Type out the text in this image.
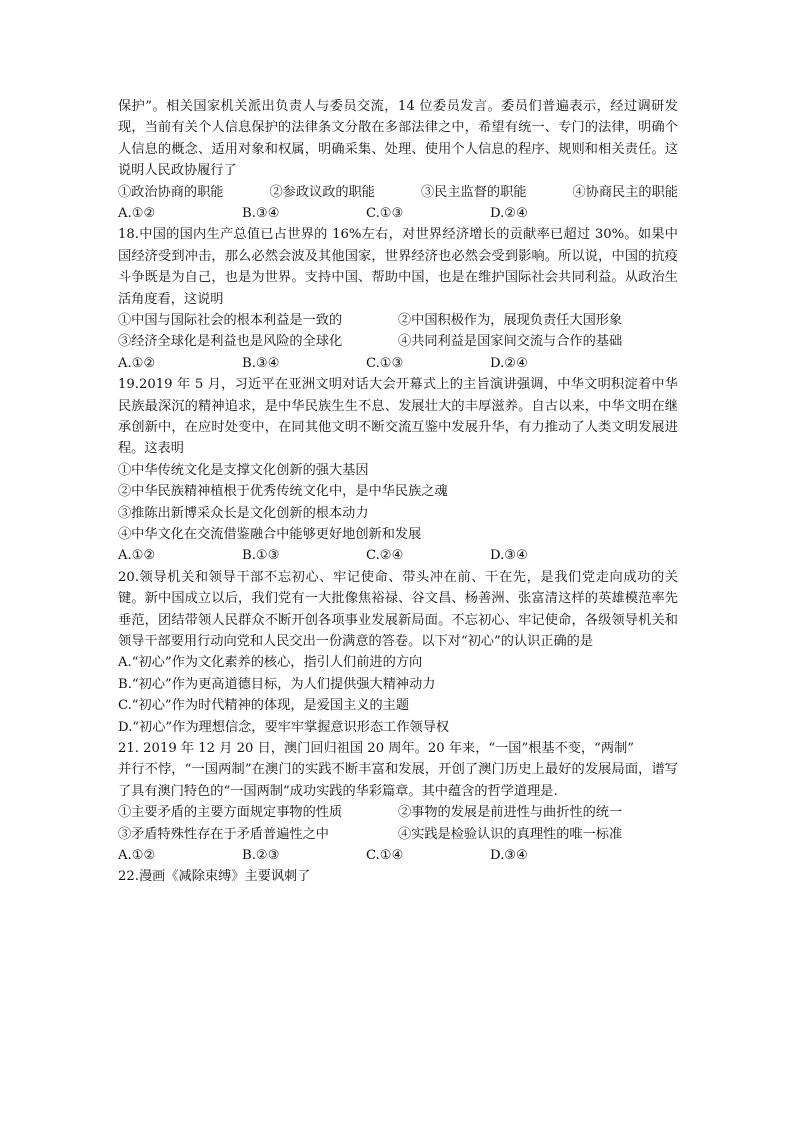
保护”。相关国家机关派出负责人与委员交流，14 位委员发言。委员们普遍表示，经过调研发现，当前有关个人信息保护的法律条文分散在多部法律之中，希望有统一、专门的法律，明确个人信息的概念、适用对象和权属，明确采集、处理、使用个人信息的程序、规则和相关责任。这说明人民政协履行了

①政治协商的职能	②参政议政的职能	③民主监督的职能	④协商民主的职能
A.①②	B.③④	C.①③	D.②④

18.中国的国内生产总值已占世界的 16%左右，对世界经济增长的贡献率已超过 30%。如果中国经济受到冲击，那么必然会波及其他国家，世界经济也必然会受到影响。所以说，中国的抗疫斗争既是为自己，也是为世界。支持中国、帮助中国，也是在维护国际社会共同利益。从政治生活角度看，这说明

①中国与国际社会的根本利益是一致的	②中国积极作为，展现负责任大国形象
③经济全球化是利益也是风险的全球化	④共同利益是国家间交流与合作的基础
A.①②	B.③④	C.①③	D.②④

19.2019 年 5 月，习近平在亚洲文明对话大会开幕式上的主旨演讲强调，中华文明积淀着中华民族最深沉的精神追求，是中华民族生生不息、发展壮大的丰厚滋养。自古以来，中华文明在继承创新中，在应时处变中，在同其他文明不断交流互鉴中发展升华，有力推动了人类文明发展进程。这表明

①中华传统文化是支撑文化创新的强大基因
②中华民族精神植根于优秀传统文化中，是中华民族之魂
③推陈出新博采众长是文化创新的根本动力
④中华文化在交流借鉴融合中能够更好地创新和发展
A.①②	B.①③	C.②④	D.③④

20.领导机关和领导干部不忘初心、牢记使命、带头冲在前、干在先，是我们党走向成功的关键。新中国成立以后，我们党有一大批像焦裕禄、谷文昌、杨善洲、张富清这样的英雄模范率先垂范，团结带领人民群众不断开创各项事业发展新局面。不忘初心、牢记使命，各级领导机关和领导干部要用行动向党和人民交出一份满意的答卷。以下对“初心”的认识正确的是

A.“初心”作为文化素养的核心，指引人们前进的方向
B.“初心”作为更高道德目标，为人们提供强大精神动力
C.“初心”作为时代精神的体现，是爱国主义的主题
D.“初心”作为理想信念，要牢牢掌握意识形态工作领导权
21. 2019 年 12 月 20 日，澳门回归祖国 20 周年。20 年来，“一国”根基不变，“两制”

并行不悖，“一国两制”在澳门的实践不断丰富和发展，开创了澳门历史上最好的发展局面，谱写了具有澳门特色的“一国两制”成功实践的华彩篇章。其中蕴含的哲学道理是.

①主要矛盾的主要方面规定事物的性质	②事物的发展是前进性与曲折性的统一
③矛盾特殊性存在于矛盾普遍性之中	④实践是检验认识的真理性的唯一标准
A.①②	B.②③	C.①④	D.③④
22.漫画《减除束缚》主要讽刺了
